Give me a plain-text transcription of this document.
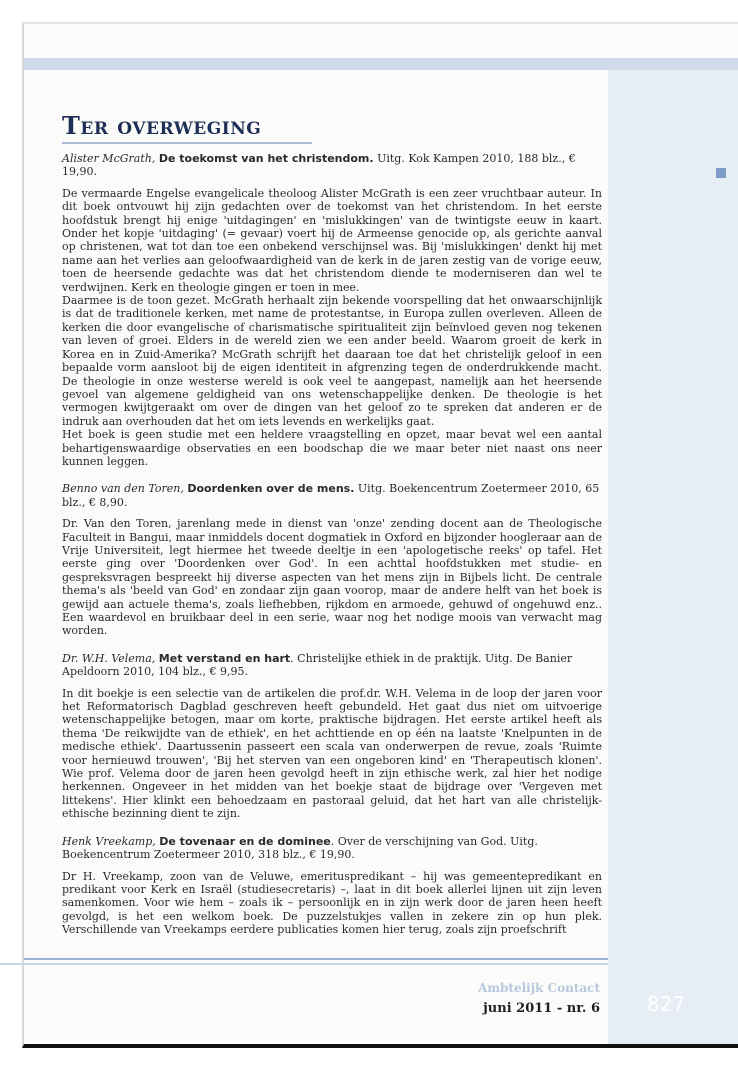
Ter overweging
Alister McGrath, De toekomst van het christendom. Uitg. Kok Kampen 2010, 188 blz., € 19,90.

De vermaarde Engelse evangelicale theoloog Alister McGrath is een zeer vruchtbaar auteur. In dit boek ontvouwt hij zijn gedachten over de toekomst van het christendom. In het eerste hoofdstuk brengt hij enige 'uitdagingen' en 'mislukkingen' van de twintigste eeuw in kaart. Onder het kopje 'uitdaging' (= gevaar) voert hij de Armeense genocide op, als gerichte aanval op christenen, wat tot dan toe een onbekend verschijnsel was. Bij 'mislukkingen' denkt hij met name aan het verlies aan geloofwaardigheid van de kerk in de jaren zestig van de vorige eeuw, toen de heersende gedachte was dat het christendom diende te moderniseren dan wel te verdwijnen. Kerk en theologie gingen er toen in mee.

Daarmee is de toon gezet. McGrath herhaalt zijn bekende voorspelling dat het onwaarschijnlijk is dat de traditionele kerken, met name de protestantse, in Europa zullen overleven. Alleen de kerken die door evangelische of charismatische spiritualiteit zijn beïnvloed geven nog tekenen van leven of groei. Elders in de wereld zien we een ander beeld. Waarom groeit de kerk in Korea en in Zuid-Amerika? McGrath schrijft het daaraan toe dat het christelijk geloof in een bepaalde vorm aansloot bij de eigen identiteit in afgrenzing tegen de onderdrukkende macht. De theologie in onze westerse wereld is ook veel te aangepast, namelijk aan het heersende gevoel van algemene geldigheid van ons wetenschappelijke denken. De theologie is het vermogen kwijtgeraakt om over de dingen van het geloof zo te spreken dat anderen er de indruk aan overhouden dat het om iets levends en werkelijks gaat.

Het boek is geen studie met een heldere vraagstelling en opzet, maar bevat wel een aantal behartigenswaardige observaties en een boodschap die we maar beter niet naast ons neer kunnen leggen.

Benno van den Toren, Doordenken over de mens. Uitg. Boekencentrum Zoetermeer 2010, 65 blz., € 8,90.

Dr. Van den Toren, jarenlang mede in dienst van 'onze' zending docent aan de Theologische Faculteit in Bangui, maar inmiddels docent dogmatiek in Oxford en bijzonder hoogleraar aan de Vrije Universiteit, legt hiermee het tweede deeltje in een 'apologetische reeks' op tafel. Het eerste ging over 'Doordenken over God'. In een achttal hoofdstukken met studie- en gespreksvragen bespreekt hij diverse aspecten van het mens zijn in Bijbels licht. De centrale thema's als 'beeld van God' en zondaar zijn gaan voorop, maar de andere helft van het boek is gewijd aan actuele thema's, zoals liefhebben, rijkdom en armoede, gehuwd of ongehuwd enz.. Een waardevol en bruikbaar deel in een serie, waar nog het nodige moois van verwacht mag worden.

Dr. W.H. Velema, Met verstand en hart. Christelijke ethiek in de praktijk. Uitg. De Banier Apeldoorn 2010, 104 blz., € 9,95.

In dit boekje is een selectie van de artikelen die prof.dr. W.H. Velema in de loop der jaren voor het Reformatorisch Dagblad geschreven heeft gebundeld. Het gaat dus niet om uitvoerige wetenschappelijke betogen, maar om korte, praktische bijdragen. Het eerste artikel heeft als thema 'De reikwijdte van de ethiek', en het achttiende en op één na laatste 'Knelpunten in de medische ethiek'. Daartussenin passeert een scala van onderwerpen de revue, zoals 'Ruimte voor hernieuwd trouwen', 'Bij het sterven van een ongeboren kind' en 'Therapeutisch klonen'. Wie prof. Velema door de jaren heen gevolgd heeft in zijn ethische werk, zal hier het nodige herkennen. Ongeveer in het midden van het boekje staat de bijdrage over 'Vergeven met littekens'. Hier klinkt een behoedzaam en pastoraal geluid, dat het hart van alle christelijk-ethische bezinning dient te zijn.

Henk Vreekamp, De tovenaar en de dominee. Over de verschijning van God. Uitg. Boekencentrum Zoetermeer 2010, 318 blz., € 19,90.

Dr H. Vreekamp, zoon van de Veluwe, emerituspredikant – hij was gemeentepredikant en predikant voor Kerk en Israël (studiesecretaris) –, laat in dit boek allerlei lijnen uit zijn leven samenkomen. Voor wie hem – zoals ik – persoonlijk en in zijn werk door de jaren heen heeft gevolgd, is het een welkom boek. De puzzelstukjes vallen in zekere zin op hun plek. Verschillende van Vreekamps eerdere publicaties komen hier terug, zoals zijn proefschrift

Ambtelijk Contact
juni 2011 - nr. 6	827
